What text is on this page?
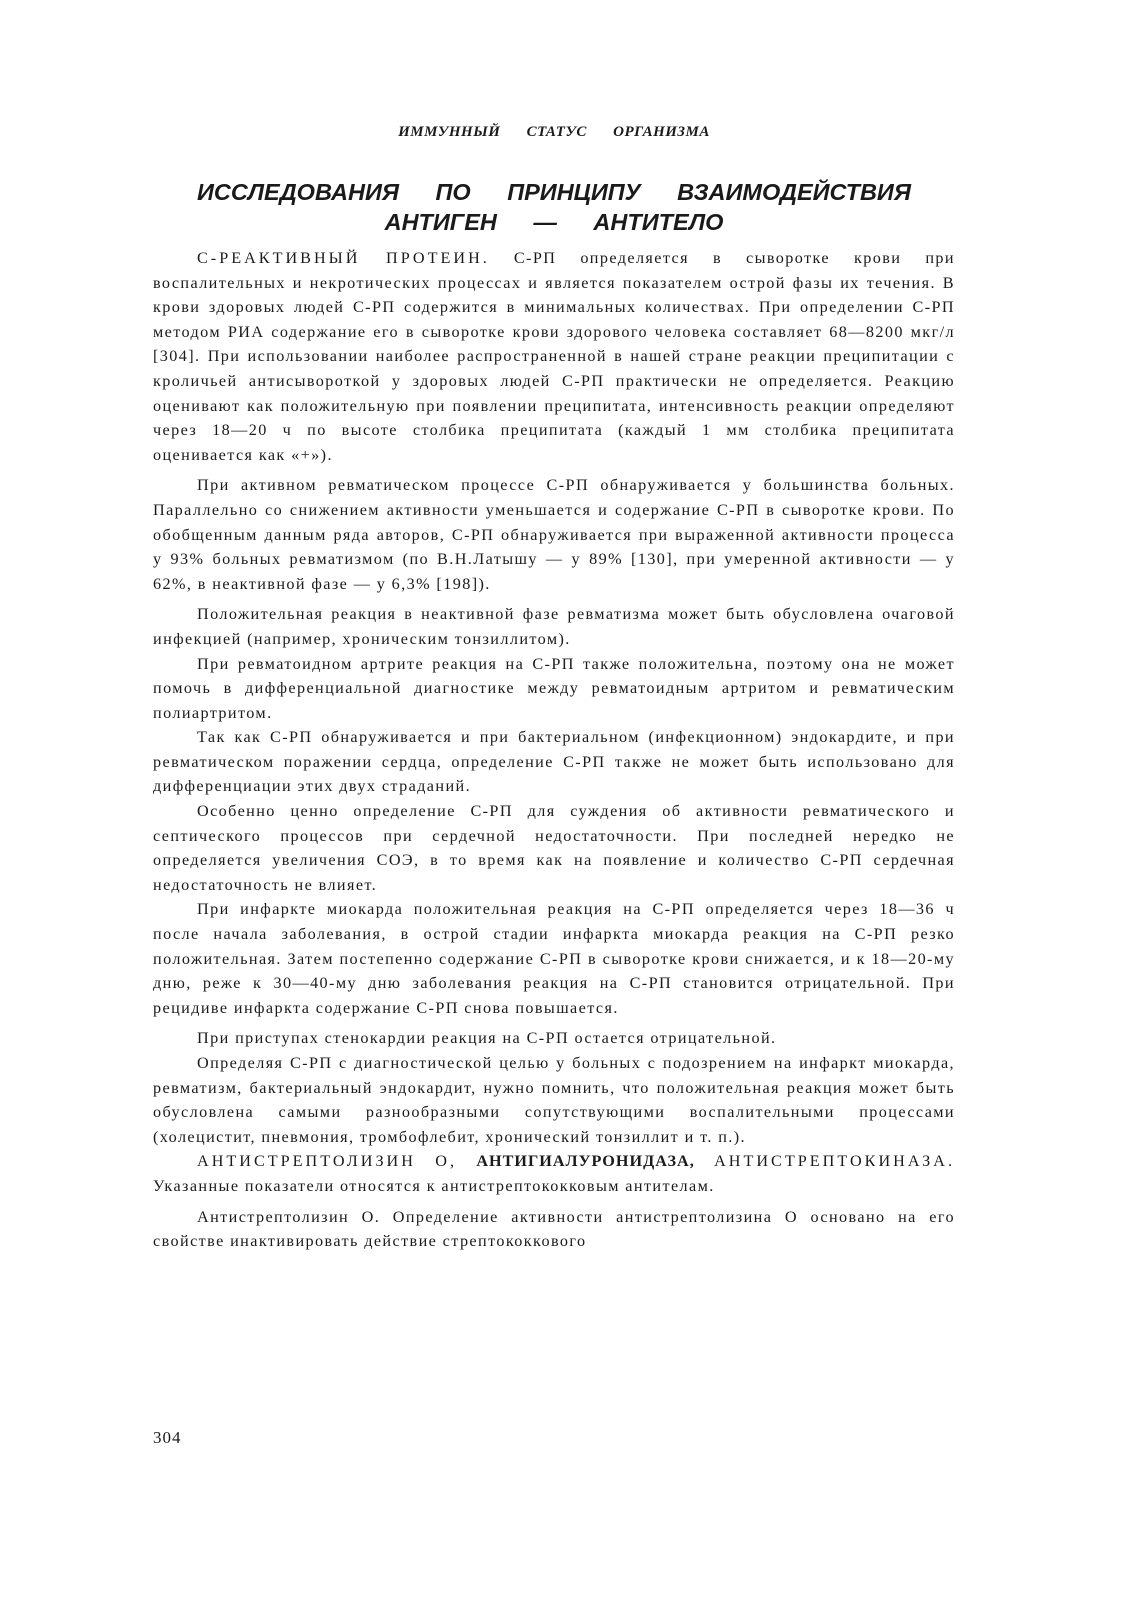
ИММУННЫЙ СТАТУС ОРГАНИЗМА
ИССЛЕДОВАНИЯ ПО ПРИНЦИПУ ВЗАИМОДЕЙСТВИЯ
АНТИГЕН — АНТИТЕЛО

С-РЕАКТИВНЫЙ ПРОТЕИН. С-РП определяется в сыворотке крови при воспалительных и некротических процессах и является показателем острой фазы их течения. В крови здоровых людей С-РП содержится в минимальных количествах. При определении С-РП методом РИА содержание его в сыворотке крови здорового человека составляет 68—8200 мкг/л [304]. При использовании наиболее распространенной в нашей стране реакции преципитации с кроличьей антисывороткой у здоровых людей С-РП практически не определяется. Реакцию оценивают как положительную при появлении преципитата, интенсивность реакции определяют через 18—20 ч по высоте столбика преципитата (каждый 1 мм столбика преципитата оценивается как «+»).

При активном ревматическом процессе С-РП обнаруживается у большинства больных. Параллельно со снижением активности уменьшается и содержание С-РП в сыворотке крови. По обобщенным данным ряда авторов, С-РП обнаруживается при выраженной активности процесса у 93% больных ревматизмом (по В.Н.Латышу — у 89% [130], при умеренной активности — у 62%, в неактивной фазе — у 6,3% [198]).

Положительная реакция в неактивной фазе ревматизма может быть обусловлена очаговой инфекцией (например, хроническим тонзиллитом).

При ревматоидном артрите реакция на С-РП также положительна, поэтому она не может помочь в дифференциальной диагностике между ревматоидным артритом и ревматическим полиартритом.

Так как С-РП обнаруживается и при бактериальном (инфекционном) эндокардите, и при ревматическом поражении сердца, определение С-РП также не может быть использовано для дифференциации этих двух страданий.

Особенно ценно определение С-РП для суждения об активности ревматического и септического процессов при сердечной недостаточности. При последней нередко не определяется увеличения СОЭ, в то время как на появление и количество С-РП сердечная недостаточность не влияет.

При инфаркте миокарда положительная реакция на С-РП определяется через 18—36 ч после начала заболевания, в острой стадии инфаркта миокарда реакция на С-РП резко положительная. Затем постепенно содержание С-РП в сыворотке крови снижается, и к 18—20-му дню, реже к 30—40-му дню заболевания реакция на С-РП становится отрицательной. При рецидиве инфаркта содержание С-РП снова повышается.

При приступах стенокардии реакция на С-РП остается отрицательной.

Определяя С-РП с диагностической целью у больных с подозрением на инфаркт миокарда, ревматизм, бактериальный эндокардит, нужно помнить, что положительная реакция может быть обусловлена самыми разнообразными сопутствующими воспалительными процессами (холецистит, пневмония, тромбофлебит, хронический тонзиллит и т. п.).

АНТИСТРЕПТОЛИЗИН О, АНТИГИАЛУРОНИДАЗА, АНТИСТРЕПТОКИНАЗА. Указанные показатели относятся к антистрептококковым антителам.

Антистрептолизин О. Определение активности антистрептолизина О основано на его свойстве инактивировать действие стрептококкового

304
